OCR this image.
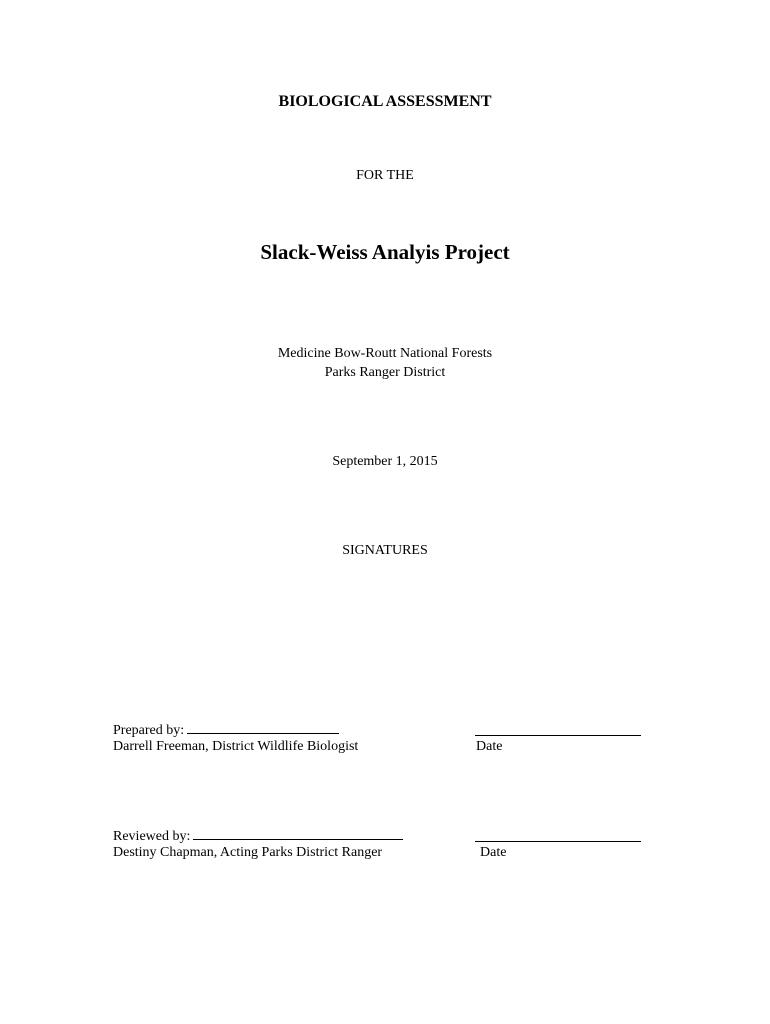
BIOLOGICAL ASSESSMENT
FOR THE
Slack-Weiss Analyis Project
Medicine Bow-Routt National Forests
Parks Ranger District
September 1, 2015
SIGNATURES
Prepared by:
Darrell Freeman, District Wildlife Biologist	Date
Reviewed by:
Destiny Chapman, Acting Parks District Ranger	Date
